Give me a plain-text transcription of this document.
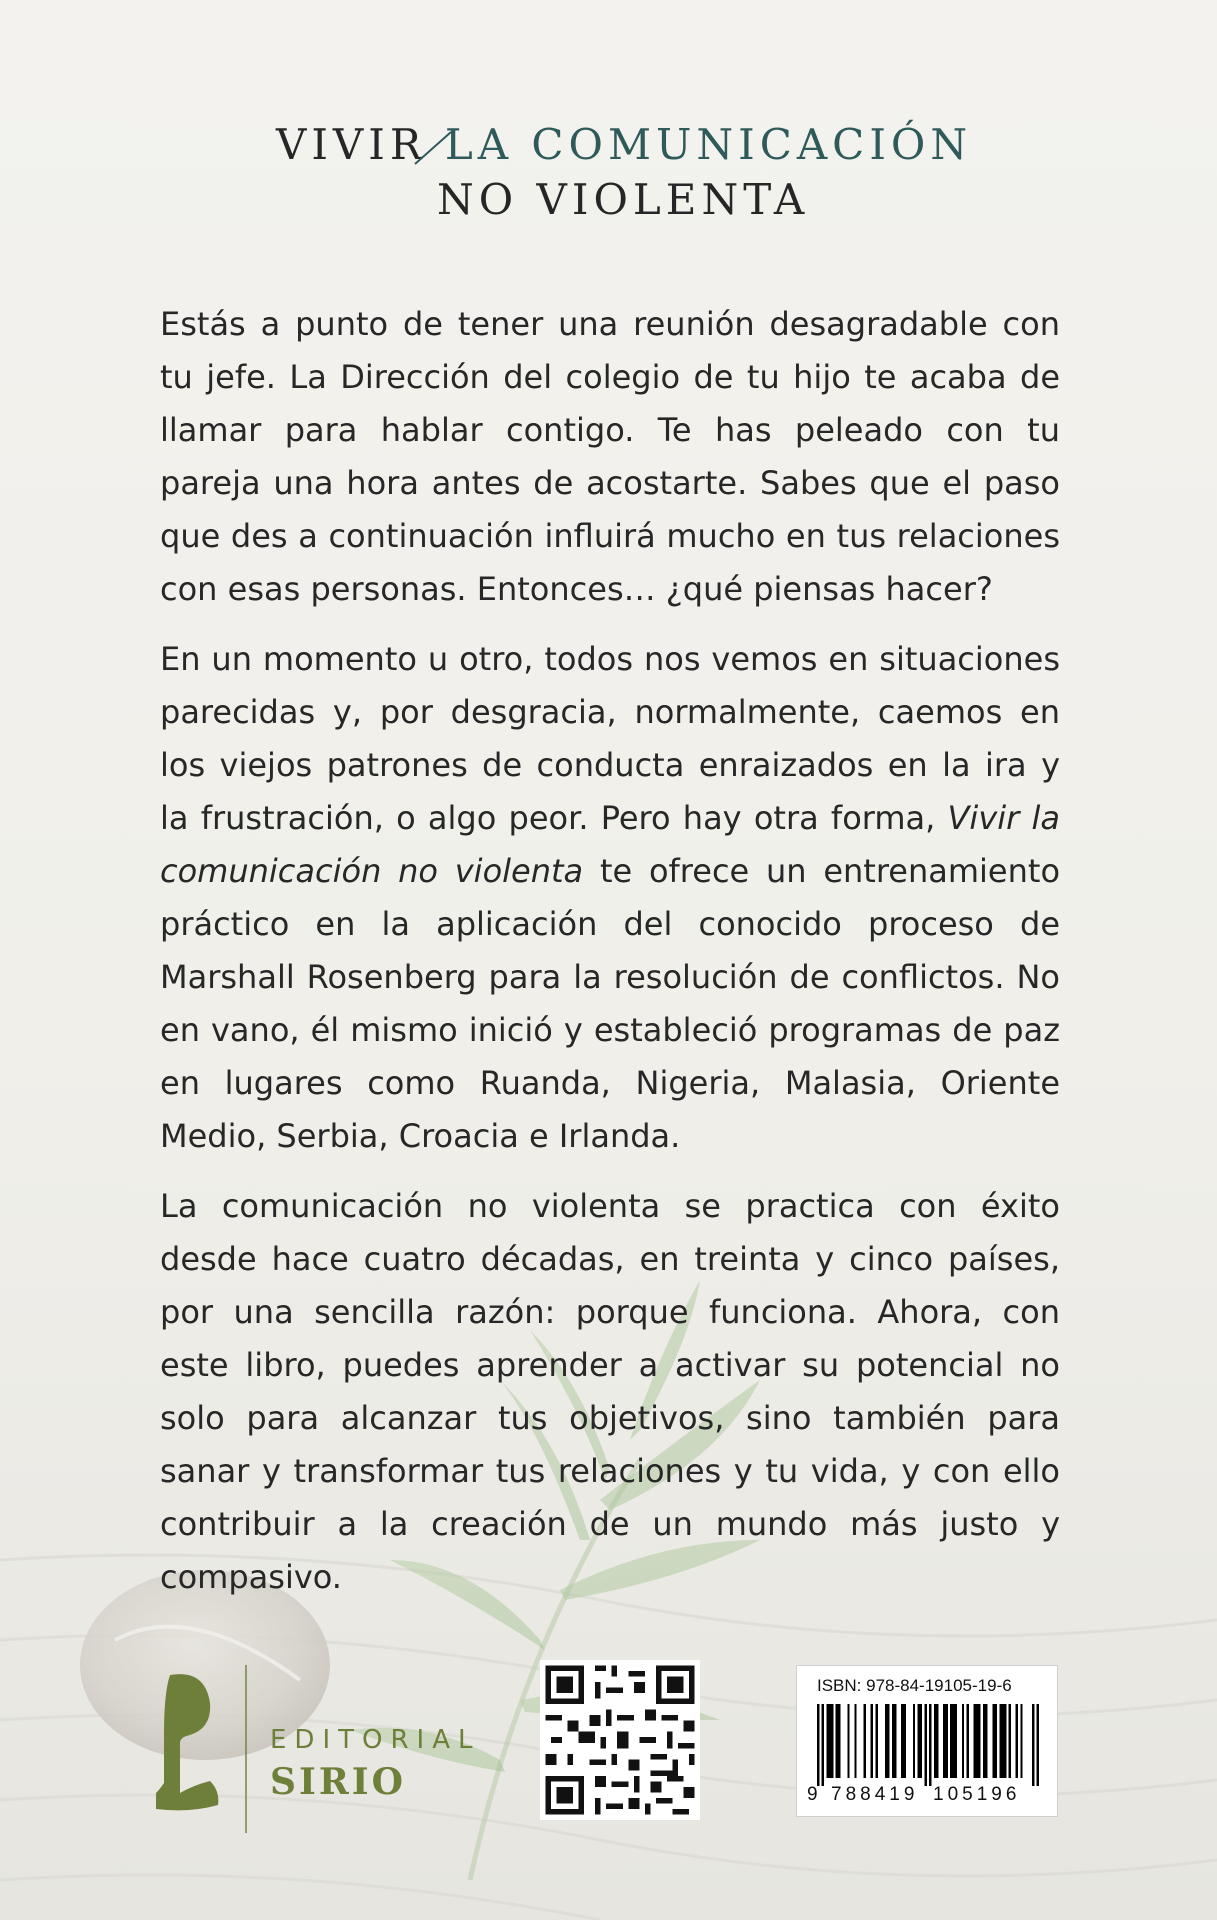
VIVIR LA COMUNICACIÓN
NO VIOLENTA

Estás a punto de tener una reunión desagradable con tu jefe. La Dirección del colegio de tu hijo te acaba de llamar para hablar contigo. Te has peleado con tu pareja una hora antes de acostarte. Sabes que el paso que des a continuación influirá mucho en tus relaciones con esas personas. Entonces… ¿qué piensas hacer?

En un momento u otro, todos nos vemos en situaciones parecidas y, por desgracia, normalmente, caemos en los viejos patrones de conducta enraizados en la ira y la frustración, o algo peor. Pero hay otra forma, Vivir la comunicación no violenta te ofrece un entrenamiento práctico en la aplicación del conocido proceso de Marshall Rosenberg para la resolución de conflictos. No en vano, él mismo inició y estableció programas de paz en lugares como Ruanda, Nigeria, Malasia, Oriente Medio, Serbia, Croacia e Irlanda.

La comunicación no violenta se practica con éxito desde hace cuatro décadas, en treinta y cinco países, por una sencilla razón: porque funciona. Ahora, con este libro, puedes aprender a activar su potencial no solo para alcanzar tus objetivos, sino también para sanar y transformar tus relaciones y tu vida, y con ello contribuir a la creación de un mundo más justo y compasivo.

EDITORIAL
SIRIO
ISBN: 978-84-19105-19-6
9 788419 105196
